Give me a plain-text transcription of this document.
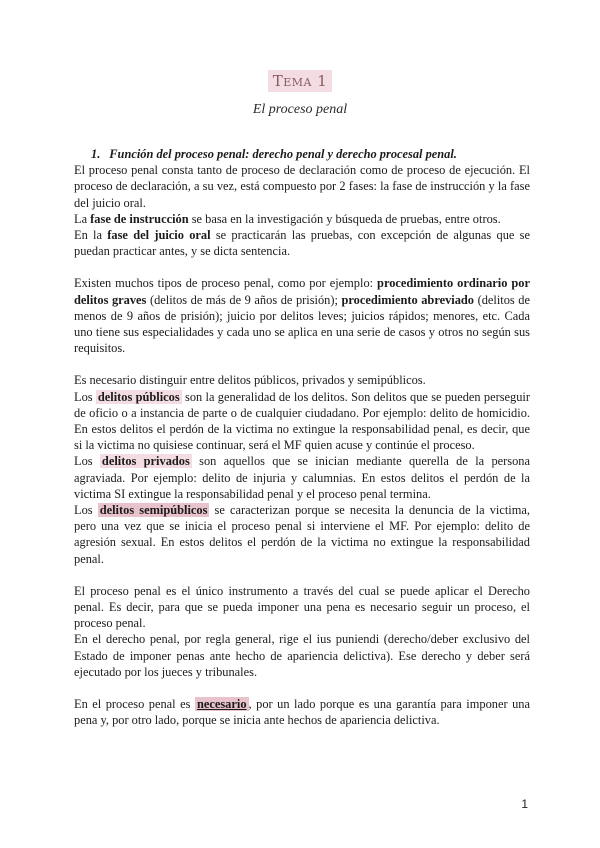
Tema 1
El proceso penal

1. Función del proceso penal: derecho penal y derecho procesal penal.

El proceso penal consta tanto de proceso de declaración como de proceso de ejecución. El proceso de declaración, a su vez, está compuesto por 2 fases: la fase de instrucción y la fase del juicio oral.

La fase de instrucción se basa en la investigación y búsqueda de pruebas, entre otros.

En la fase del juicio oral se practicarán las pruebas, con excepción de algunas que se puedan practicar antes, y se dicta sentencia.

Existen muchos tipos de proceso penal, como por ejemplo: procedimiento ordinario por delitos graves (delitos de más de 9 años de prisión); procedimiento abreviado (delitos de menos de 9 años de prisión); juicio por delitos leves; juicios rápidos; menores, etc. Cada uno tiene sus especialidades y cada uno se aplica en una serie de casos y otros no según sus requisitos.

Es necesario distinguir entre delitos públicos, privados y semipúblicos.

Los delitos públicos son la generalidad de los delitos. Son delitos que se pueden perseguir de oficio o a instancia de parte o de cualquier ciudadano. Por ejemplo: delito de homicidio. En estos delitos el perdón de la victima no extingue la responsabilidad penal, es decir, que si la victima no quisiese continuar, será el MF quien acuse y continúe el proceso.

Los delitos privados son aquellos que se inician mediante querella de la persona agraviada. Por ejemplo: delito de injuria y calumnias. En estos delitos el perdón de la victima SI extingue la responsabilidad penal y el proceso penal termina.

Los delitos semipúblicos se caracterizan porque se necesita la denuncia de la victima, pero una vez que se inicia el proceso penal si interviene el MF. Por ejemplo: delito de agresión sexual. En estos delitos el perdón de la victima no extingue la responsabilidad penal.

El proceso penal es el único instrumento a través del cual se puede aplicar el Derecho penal. Es decir, para que se pueda imponer una pena es necesario seguir un proceso, el proceso penal.

En el derecho penal, por regla general, rige el ius puniendi (derecho/deber exclusivo del Estado de imponer penas ante hecho de apariencia delictiva). Ese derecho y deber será ejecutado por los jueces y tribunales.

En el proceso penal es necesario , por un lado porque es una garantía para imponer una pena y, por otro lado, porque se inicia ante hechos de apariencia delictiva.

1
